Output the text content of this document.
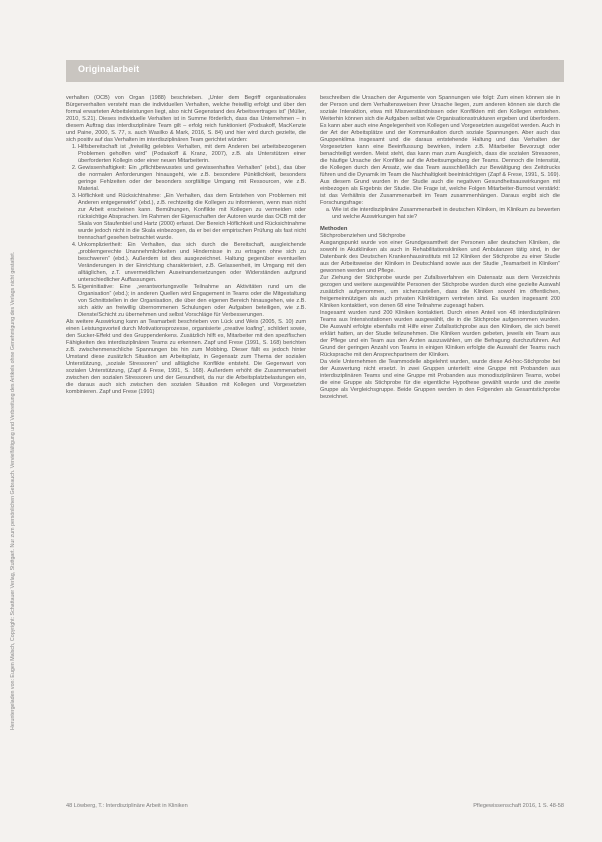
Originalarbeit
Heruntergeladen von: Eugen Malsch, Copyright: Schattauer Verlag, Stuttgart. Nur zum persönlichen Gebrauch. Vervielfältigung und Verbreitung des Artikels ohne Genehmigung des Verlags nicht gestattet.

verhalten (OCB) von Organ (1988) beschrieben. „Unter dem Begriff organisationales Bürgerverhalten versteht man die individuellen Verhalten, welche freiwillig erfolgt und über den formal erwarteten Arbeitsleistungen liegt, also nicht Gegenstand des Arbeitsvertrages ist“ (Müller, 2010, S.21). Dieses individuelle Verhalten ist in Summe förderlich, dass das Unternehmen – in diesem Auftrag das interdisziplinäre Team gilt – erfolg reich funktioniert (Podsakoff, MacKenzie und Paine, 2000, S. 77, s. auch Wasilko & Mark, 2016, S. 84) und hier wird durch gezielte, die sich positiv auf das Verhalten im interdisziplinären Team gerichtet würden:

1. Hilfsbereitschaft ist „freiwillig gelebtes Verhalten, mit dem Anderen bei arbeitsbezogenen Problemen geholfen wird“ (Podsakoff & Kranz, 2007), z.B. als Unterstützen einer überforderten Kollegin oder einer neuen Mitarbeiterin.
2. Gewissenhaftigkeit: Ein „pflichtbewusstes und gewissenhaftes Verhalten“ (ebd.), das über die normalen Anforderungen hinausgeht, wie z.B. besondere Pünktlichkeit, besonders geringe Fehlzeiten oder der besonders sorgfältige Umgang mit Ressourcen, wie z.B. Material.
3. Höflichkeit und Rücksichtnahme: „Ein Verhalten, das dem Entstehen von Problemen mit Anderen entgegenwirkt“ (ebd.), z.B. rechtzeitig die Kollegen zu informieren, wenn man nicht zur Arbeit erscheinen kann. Bemühungen, Konflikte mit Kollegen zu vermeiden oder rücksichtige Absprachen. Im Rahmen der Eigenschaften der Autoren wurde das OCB mit der Skala von Staufenbiel und Hartz (2000) erfasst. Der Bereich Höflichkeit und Rücksichtnahme wurde jedoch nicht in die Skala einbezogen, da er bei der empirischen Prüfung als fast nicht trennscharf gesehen betrachtet wurde.
4. Unkompliziertheit: Ein Verhalten, das sich durch die Bereitschaft, ausgleichende „problemgerechte Unannehmlichkeiten und Hindernisse in zu ertragen ohne sich zu beschweren“ (ebd.). Außerdem ist dies ausgezeichnet. Haltung gegenüber eventuellen Veränderungen in der Einrichtung charakterisiert, z.B. Gelassenheit, im Umgang mit den alltäglichen, z.T. unvermeidlichen Auseinandersetzungen oder Widerständen aufgrund unterschiedlicher Auffassungen.
5. Eigeninitiative: Eine „verantwortungsvolle Teilnahme an Aktivitäten rund um die Organisation“ (ebd.); in anderen Quellen wird Engagement in Teams oder die Mitgestaltung von Schnittstellen in der Organisation, die über den eigenen Bereich hinausgehen, wie z.B. sich aktiv an freiwillig übernommenen Schulungen oder Aufgaben beteiligen, wie z.B. Dienste/Schicht zu übernehmen und selbst Vorschläge für Verbesserungen.

Als weitere Auswirkung kann an Teamarbeit beschrieben von Lück und Weis (2005, S. 10) zum einen Leistungsvorteil durch Motivationsprozesse, organisierte „creative loafing“, schildert sowie, den Sucker-Effekt und des Gruppendenkens. Zusätzlich hilft es, Mitarbeiter mit den spezifischen Fähigkeiten des interdisziplinären Teams zu erkennen. Zapf und Frese (1991, S. 168) berichten z.B. zwischenmenschliche Spannungen bis hin zum Mobbing. Dieser fällt es jedoch hinter Umstand diese zusätzlich Situation am Arbeitsplatz, in Gegensatz zum Thema der sozialen Unterstützung, „soziale Stressoren“ und alltägliche Konflikte entsteht. Die Gegenwart von sozialen Unterstützung, (Zapf & Frese, 1991, S. 168). Außerdem erhöht die Zusammenarbeit zwischen den sozialen Stressoren und der Gesundheit, da nur die Arbeitsplatzbelastungen ein, die daraus auch sich zwischen den sozialen Situation mit Kollegen und Vorgesetzten kombinieren. Zapf und Frese (1991)

beschreiben die Ursachen der Argumente von Spannungen wie folgt: Zum einen können sie in der Person und dem Verhaltensweisen ihrer Ursache liegen, zum anderen können sie durch die soziale Interaktion, etwa mit Missverständnissen oder Konflikten mit den Kollegen entstehen. Weiterhin können sich die Aufgaben selbst wie Organisationsstrukturen ergeben und überfordern. Es kann aber auch eine Angelegenheit von Kollegen und Vorgesetzten ausgelöst werden. Auch in der Art der Arbeitsplätze und der Kommunikation durch soziale Spannungen. Aber auch das Gruppenklima insgesamt und die daraus entstehende Haltung und das Verhalten der Vorgesetzten kann eine Beeinflussung bewirken, indem z.B. Mitarbeiter Bevorzugt oder benachteiligt werden. Meist steht, das kann man zum Ausgleich, dass die sozialen Stressoren, die häufige Ursache der Konflikte auf die Arbeitsumgebung der Teams. Dennoch die Intensität, die Kollegen durch den Ansatz, wie das Team ausschließlich zur Bewältigung des Zeitdrucks führen und die Dynamik im Team die Nachhaltigkeit beeinträchtigen (Zapf & Frese, 1991, S. 169). Aus diesem Grund wurden in der Studie auch die negativen Gesundheitsauswirkungen mit einbezogen als Ergebnis der Studie. Die Frage ist, welche Folgen Mitarbeiter-Burnout verstärkt: ist das Verhältnis der Zusammenarbeit im Team zusammenhängen. Daraus ergibt sich die Forschungsfrage:

a. Wie ist die interdisziplinäre Zusammenarbeit in deutschen Kliniken, im Klinikum zu bewerten und welche Auswirkungen hat sie?
Methoden
Stichprobenziehen und Stichprobe

Ausgangspunkt wurde von einer Grundgesamtheit der Personen aller deutschen Kliniken, die sowohl in Akutkliniken als auch in Rehabilitationskliniken und Ambulanzen tätig sind, in der Datenbank des Deutschen Krankenhausinstituts mit 12 Kliniken der Stichprobe zu einer Studie aus der Arbeitsweise der Kliniken in Deutschland sowie aus der Studie „Teamarbeit in Kliniken“ gewonnen werden und Pflege.

Zur Ziehung der Stichprobe wurde per Zufallsverfahren ein Datensatz aus dem Verzeichnis gezogen und weitere ausgewählte Personen der Stichprobe wurden durch eine gezielte Auswahl zusätzlich aufgenommen, um sicherzustellen, dass die Kliniken sowohl im öffentlichen, freigemeinnützigen als auch privaten Klinikträgern vertreten sind. Es wurden insgesamt 200 Kliniken kontaktiert, von denen 68 eine Teilnahme zugesagt haben.

Insgesamt wurden rund 200 Kliniken kontaktiert. Durch einen Anteil von 48 interdisziplinären Teams aus Intensivstationen wurden ausgewählt, die in die Stichprobe aufgenommen wurden. Die Auswahl erfolgte ebenfalls mit Hilfe einer Zufallsstichprobe aus den Kliniken, die sich bereit erklärt hatten, an der Studie teilzunehmen. Die Kliniken wurden gebeten, jeweils ein Team aus der Pflege und ein Team aus den Ärzten auszuwählen, um die Befragung durchzuführen. Auf Grund der geringen Anzahl von Teams in einigen Kliniken erfolgte die Auswahl der Teams nach Rücksprache mit den Ansprechpartnern der Kliniken.

Da viele Unternehmen die Teammodelle abgelehnt wurden, wurde diese Ad-hoc-Stichprobe bei der Auswertung nicht ersetzt. In zwei Gruppen unterteilt: eine Gruppe mit Probanden aus interdisziplinären Teams und eine Gruppe mit Probanden aus monodisziplinären Teams, wobei die eine Gruppe als Stichprobe für die eigentliche Hypothese gewählt wurde und die zweite Gruppe als Vergleichsgruppe. Beide Gruppen werden in den Folgenden als Gesamtstichprobe bezeichnet.

48 Löwberg, T.: Interdisziplinäre Arbeit in Kliniken	Pflegewissenschaft 2016, 1 S. 48-58
